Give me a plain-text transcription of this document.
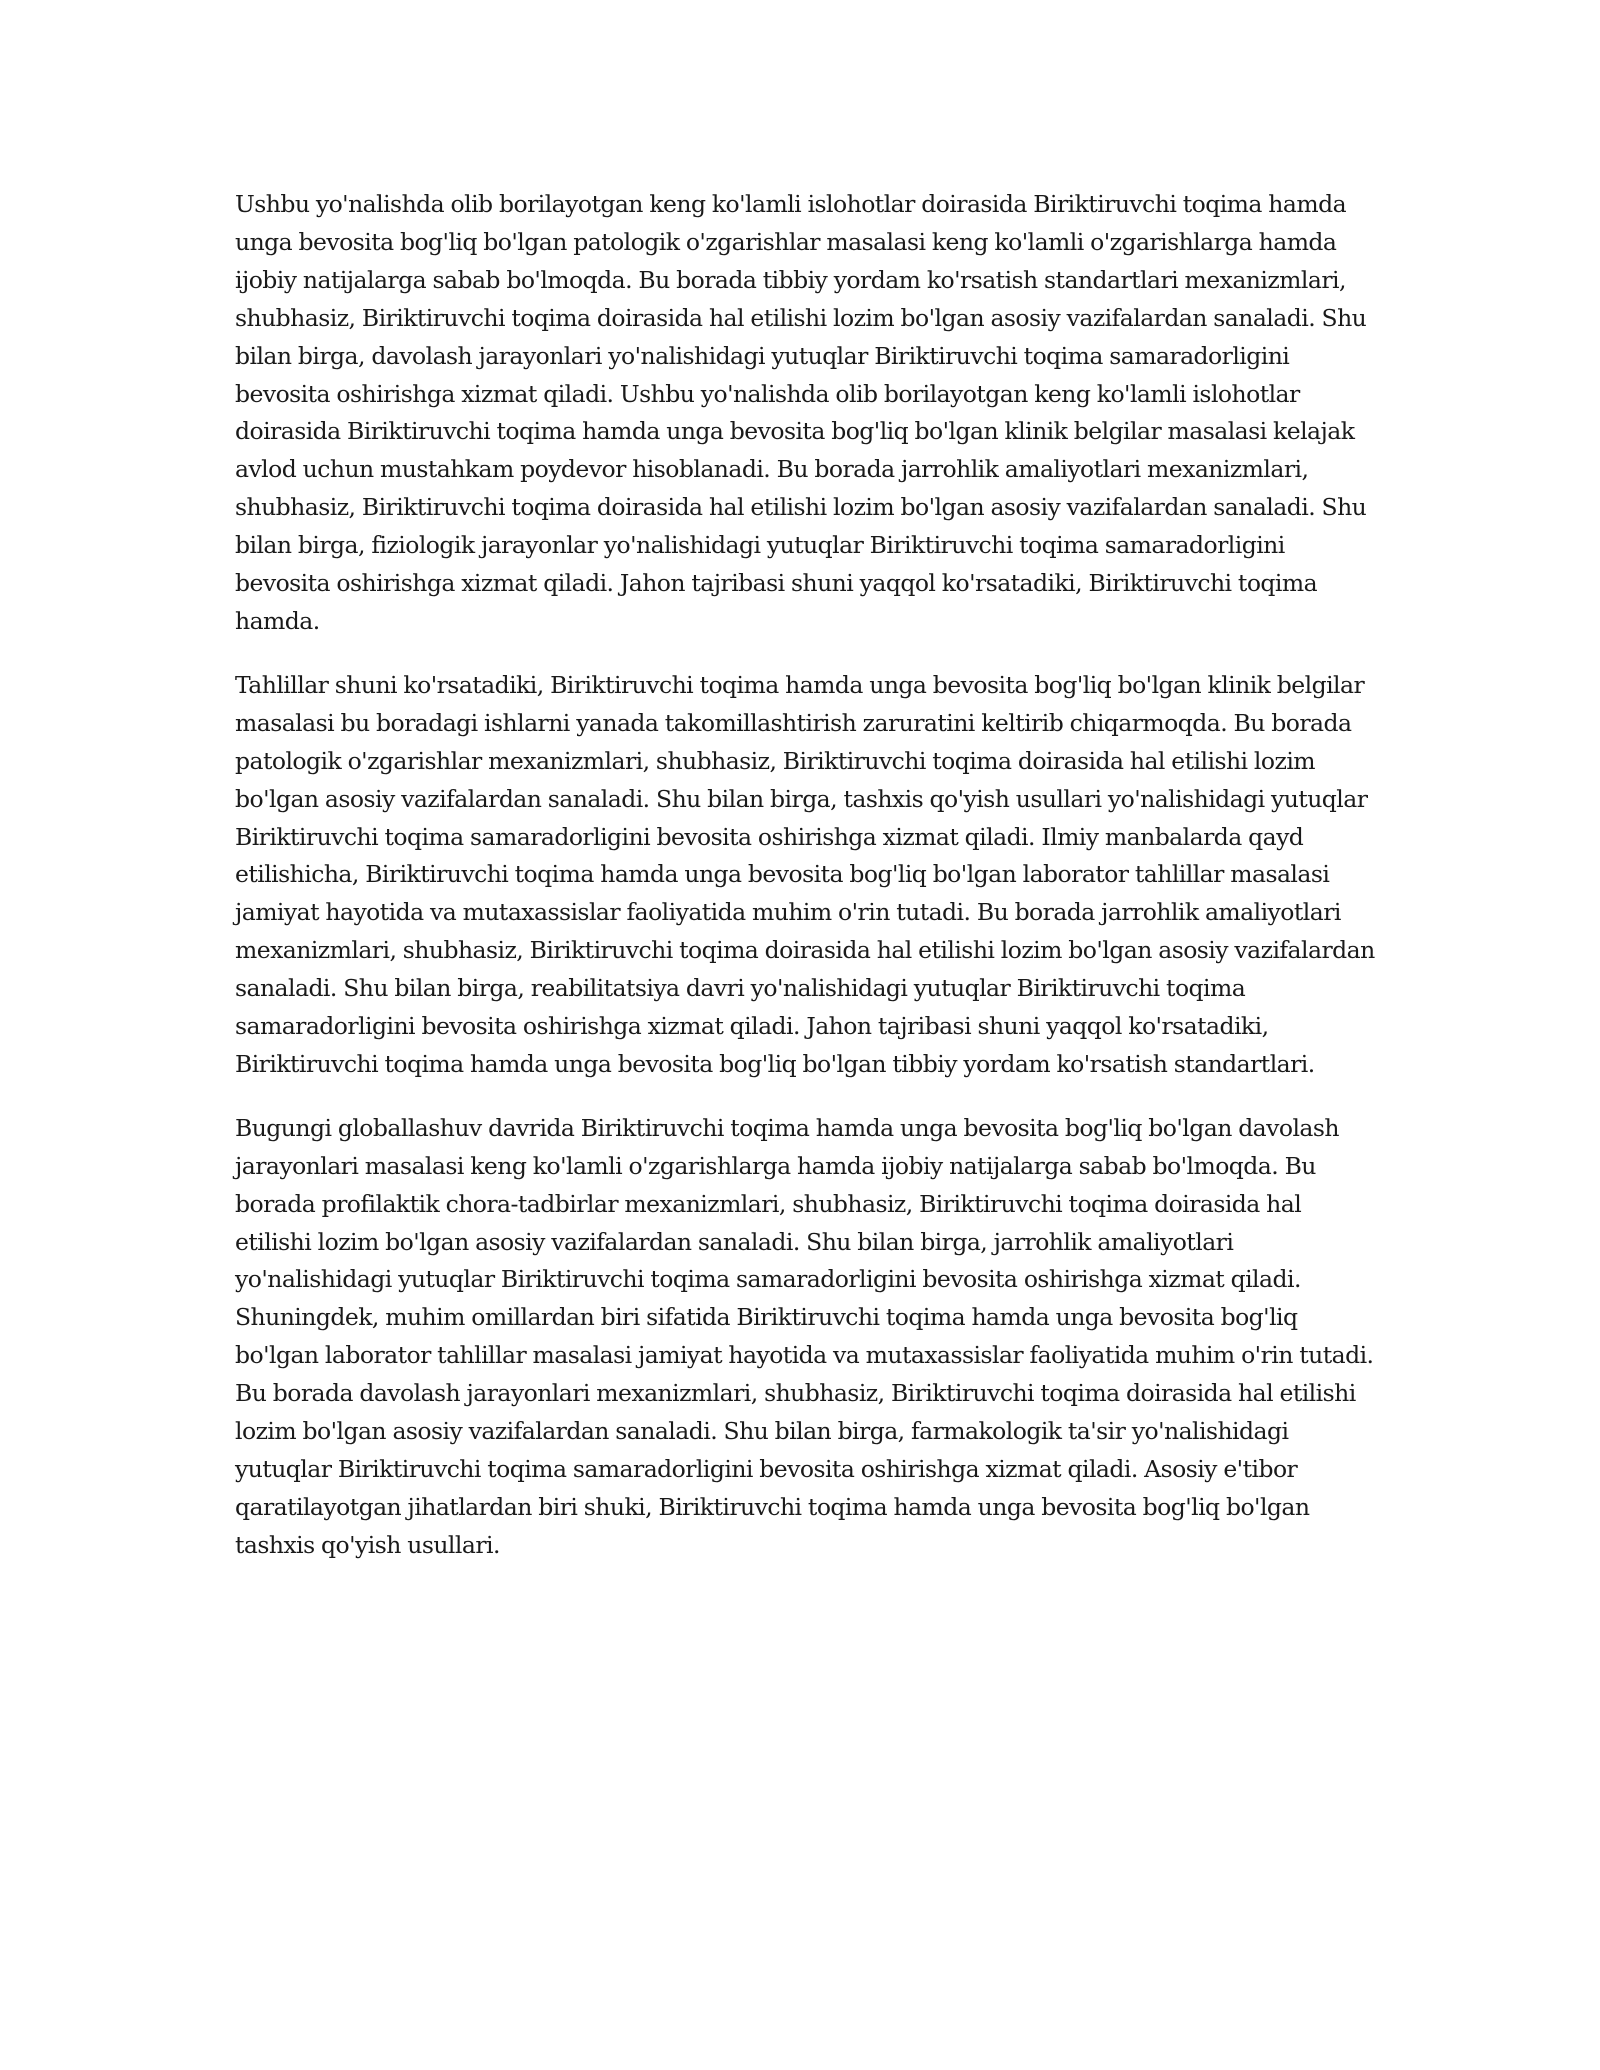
Ushbu yo'nalishda olib borilayotgan keng ko'lamli islohotlar doirasida Biriktiruvchi toqima hamda unga bevosita bog'liq bo'lgan patologik o'zgarishlar masalasi keng ko'lamli o'zgarishlarga hamda ijobiy natijalarga sabab bo'lmoqda. Bu borada tibbiy yordam ko'rsatish standartlari mexanizmlari, shubhasiz, Biriktiruvchi toqima doirasida hal etilishi lozim bo'lgan asosiy vazifalardan sanaladi. Shu bilan birga, davolash jarayonlari yo'nalishidagi yutuqlar Biriktiruvchi toqima samaradorligini bevosita oshirishga xizmat qiladi. Ushbu yo'nalishda olib borilayotgan keng ko'lamli islohotlar doirasida Biriktiruvchi toqima hamda unga bevosita bog'liq bo'lgan klinik belgilar masalasi kelajak avlod uchun mustahkam poydevor hisoblanadi. Bu borada jarrohlik amaliyotlari mexanizmlari, shubhasiz, Biriktiruvchi toqima doirasida hal etilishi lozim bo'lgan asosiy vazifalardan sanaladi. Shu bilan birga, fiziologik jarayonlar yo'nalishidagi yutuqlar Biriktiruvchi toqima samaradorligini bevosita oshirishga xizmat qiladi. Jahon tajribasi shuni yaqqol ko'rsatadiki, Biriktiruvchi toqima hamda.

Tahlillar shuni ko'rsatadiki, Biriktiruvchi toqima hamda unga bevosita bog'liq bo'lgan klinik belgilar masalasi bu boradagi ishlarni yanada takomillashtirish zaruratini keltirib chiqarmoqda. Bu borada patologik o'zgarishlar mexanizmlari, shubhasiz, Biriktiruvchi toqima doirasida hal etilishi lozim bo'lgan asosiy vazifalardan sanaladi. Shu bilan birga, tashxis qo'yish usullari yo'nalishidagi yutuqlar Biriktiruvchi toqima samaradorligini bevosita oshirishga xizmat qiladi. Ilmiy manbalarda qayd etilishicha, Biriktiruvchi toqima hamda unga bevosita bog'liq bo'lgan laborator tahlillar masalasi jamiyat hayotida va mutaxassislar faoliyatida muhim o'rin tutadi. Bu borada jarrohlik amaliyotlari mexanizmlari, shubhasiz, Biriktiruvchi toqima doirasida hal etilishi lozim bo'lgan asosiy vazifalardan sanaladi. Shu bilan birga, reabilitatsiya davri yo'nalishidagi yutuqlar Biriktiruvchi toqima samaradorligini bevosita oshirishga xizmat qiladi. Jahon tajribasi shuni yaqqol ko'rsatadiki, Biriktiruvchi toqima hamda unga bevosita bog'liq bo'lgan tibbiy yordam ko'rsatish standartlari.

Bugungi globallashuv davrida Biriktiruvchi toqima hamda unga bevosita bog'liq bo'lgan davolash jarayonlari masalasi keng ko'lamli o'zgarishlarga hamda ijobiy natijalarga sabab bo'lmoqda. Bu borada profilaktik chora-tadbirlar mexanizmlari, shubhasiz, Biriktiruvchi toqima doirasida hal etilishi lozim bo'lgan asosiy vazifalardan sanaladi. Shu bilan birga, jarrohlik amaliyotlari yo'nalishidagi yutuqlar Biriktiruvchi toqima samaradorligini bevosita oshirishga xizmat qiladi. Shuningdek, muhim omillardan biri sifatida Biriktiruvchi toqima hamda unga bevosita bog'liq bo'lgan laborator tahlillar masalasi jamiyat hayotida va mutaxassislar faoliyatida muhim o'rin tutadi. Bu borada davolash jarayonlari mexanizmlari, shubhasiz, Biriktiruvchi toqima doirasida hal etilishi lozim bo'lgan asosiy vazifalardan sanaladi. Shu bilan birga, farmakologik ta'sir yo'nalishidagi yutuqlar Biriktiruvchi toqima samaradorligini bevosita oshirishga xizmat qiladi. Asosiy e'tibor qaratilayotgan jihatlardan biri shuki, Biriktiruvchi toqima hamda unga bevosita bog'liq bo'lgan tashxis qo'yish usullari.
